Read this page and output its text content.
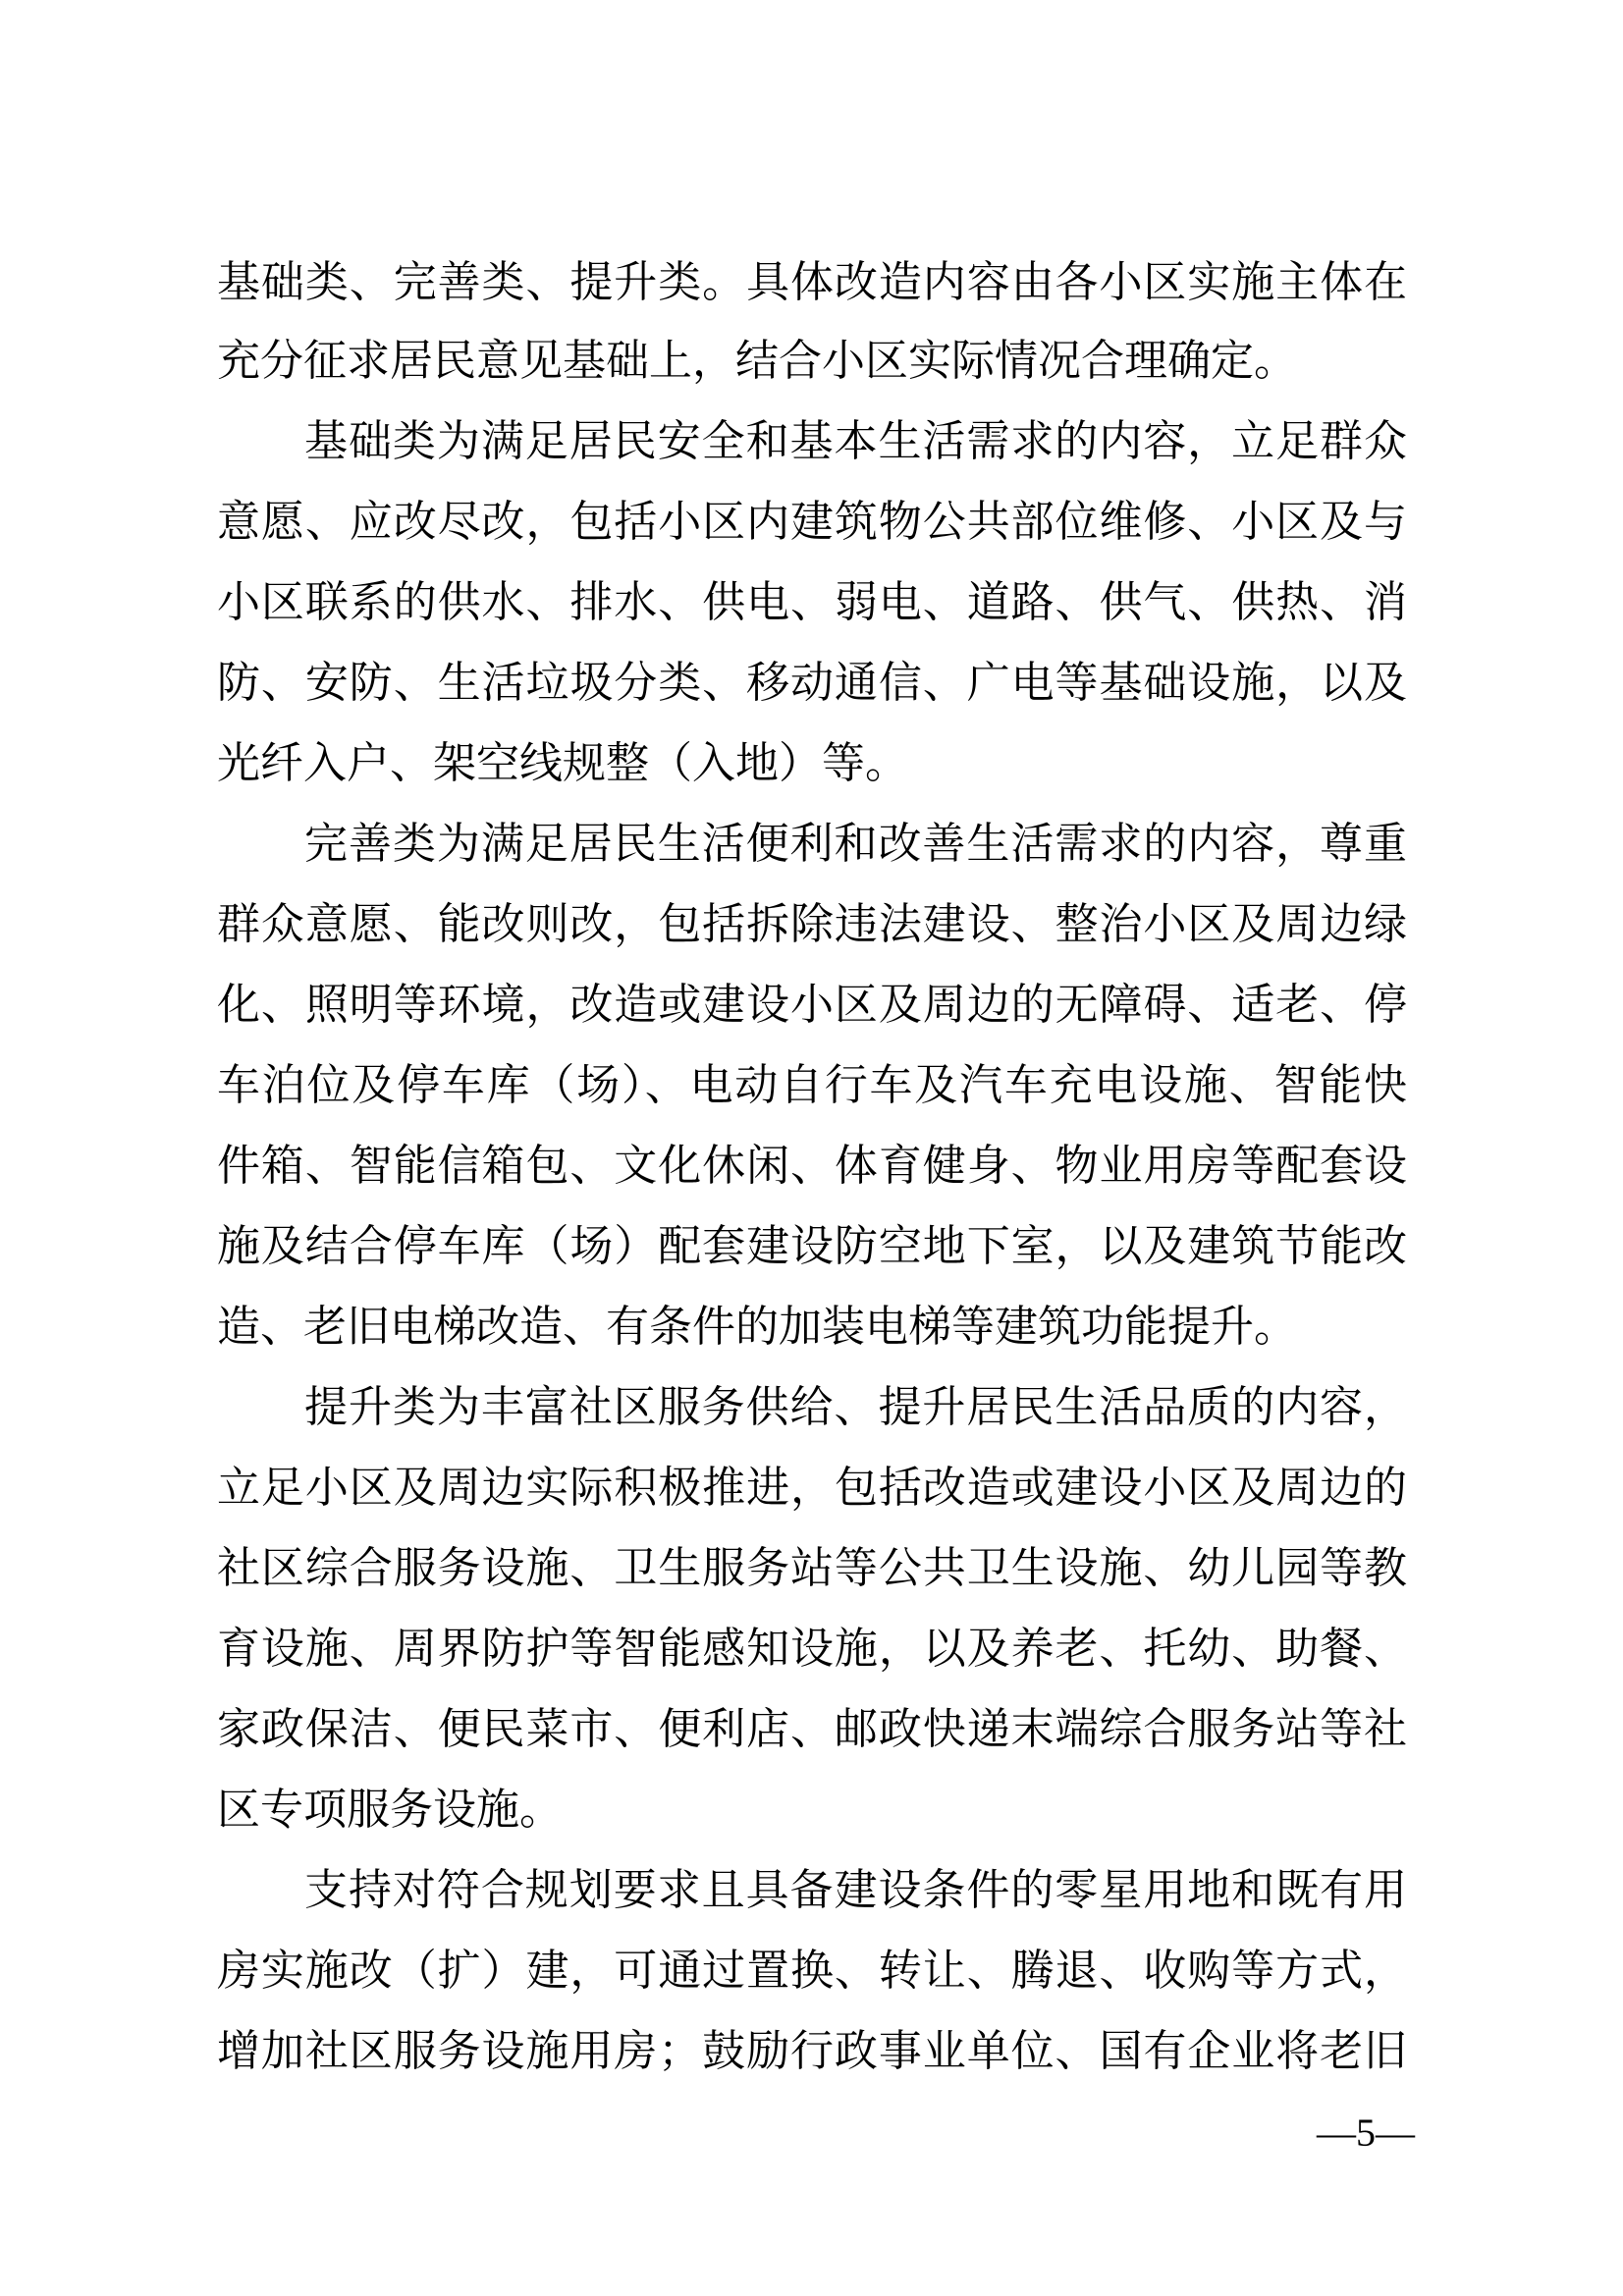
基础类、完善类、提升类。具体改造内容由各小区实施主体在
充分征求居民意见基础上，结合小区实际情况合理确定。
基础类为满足居民安全和基本生活需求的内容，立足群众
意愿、应改尽改，包括小区内建筑物公共部位维修、小区及与
小区联系的供水、排水、供电、弱电、道路、供气、供热、消
防、安防、生活垃圾分类、移动通信、广电等基础设施，以及
光纤入户、架空线规整（入地）等。
完善类为满足居民生活便利和改善生活需求的内容，尊重
群众意愿、能改则改，包括拆除违法建设、整治小区及周边绿
化、照明等环境，改造或建设小区及周边的无障碍、适老、停
车泊位及停车库（场）、电动自行车及汽车充电设施、智能快
件箱、智能信箱包、文化休闲、体育健身、物业用房等配套设
施及结合停车库（场）配套建设防空地下室，以及建筑节能改
造、老旧电梯改造、有条件的加装电梯等建筑功能提升。
提升类为丰富社区服务供给、提升居民生活品质的内容，
立足小区及周边实际积极推进，包括改造或建设小区及周边的
社区综合服务设施、卫生服务站等公共卫生设施、幼儿园等教
育设施、周界防护等智能感知设施，以及养老、托幼、助餐、
家政保洁、便民菜市、便利店、邮政快递末端综合服务站等社
区专项服务设施。
支持对符合规划要求且具备建设条件的零星用地和既有用
房实施改（扩）建，可通过置换、转让、腾退、收购等方式，
增加社区服务设施用房；鼓励行政事业单位、国有企业将老旧
—5—
